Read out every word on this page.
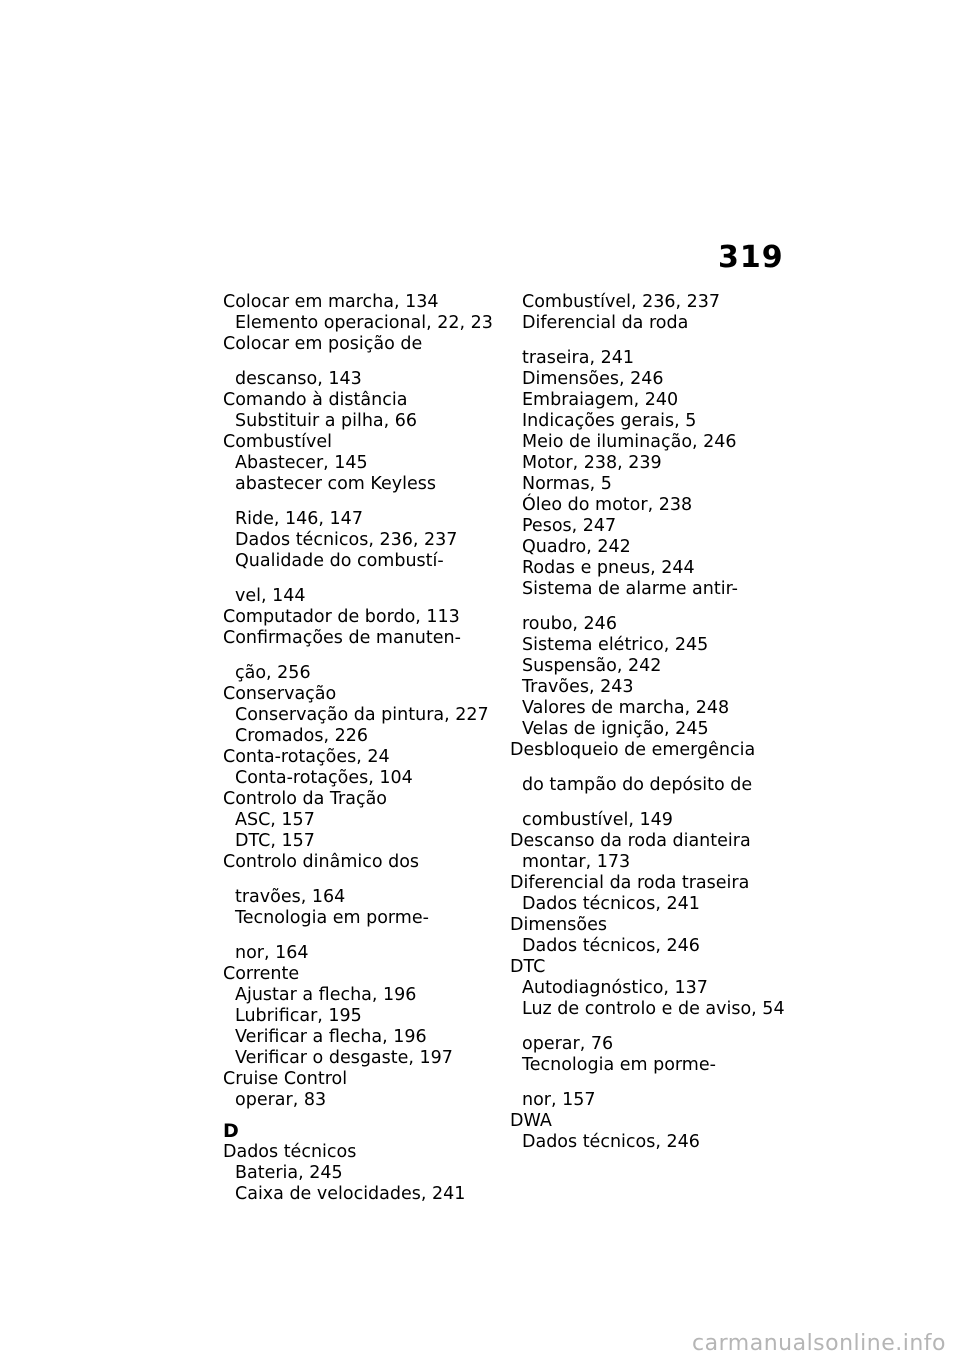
319
Colocar em marcha, 134
Elemento operacional, 22, 23
Colocar em posição de
descanso, 143
Comando à distância
Substituir a pilha, 66
Combustível
Abastecer, 145
abastecer com Keyless
Ride, 146, 147
Dados técnicos, 236, 237
Qualidade do combustí-
vel, 144
Computador de bordo, 113
Confirmações de manuten-
ção, 256
Conservação
Conservação da pintura, 227
Cromados, 226
Conta-rotações, 24
Conta-rotações, 104
Controlo da Tração
ASC, 157
DTC, 157
Controlo dinâmico dos
travões, 164
Tecnologia em porme-
nor, 164
Corrente
Ajustar a flecha, 196
Lubrificar, 195
Verificar a flecha, 196
Verificar o desgaste, 197
Cruise Control
operar, 83
D
Dados técnicos
Bateria, 245
Caixa de velocidades, 241
Combustível, 236, 237
Diferencial da roda
traseira, 241
Dimensões, 246
Embraiagem, 240
Indicações gerais, 5
Meio de iluminação, 246
Motor, 238, 239
Normas, 5
Óleo do motor, 238
Pesos, 247
Quadro, 242
Rodas e pneus, 244
Sistema de alarme antir-
roubo, 246
Sistema elétrico, 245
Suspensão, 242
Travões, 243
Valores de marcha, 248
Velas de ignição, 245
Desbloqueio de emergência
do tampão do depósito de
combustível, 149
Descanso da roda dianteira
montar, 173
Diferencial da roda traseira
Dados técnicos, 241
Dimensões
Dados técnicos, 246
DTC
Autodiagnóstico, 137
Luz de controlo e de aviso, 54
operar, 76
Tecnologia em porme-
nor, 157
DWA
Dados técnicos, 246
carmanualsonline.info
